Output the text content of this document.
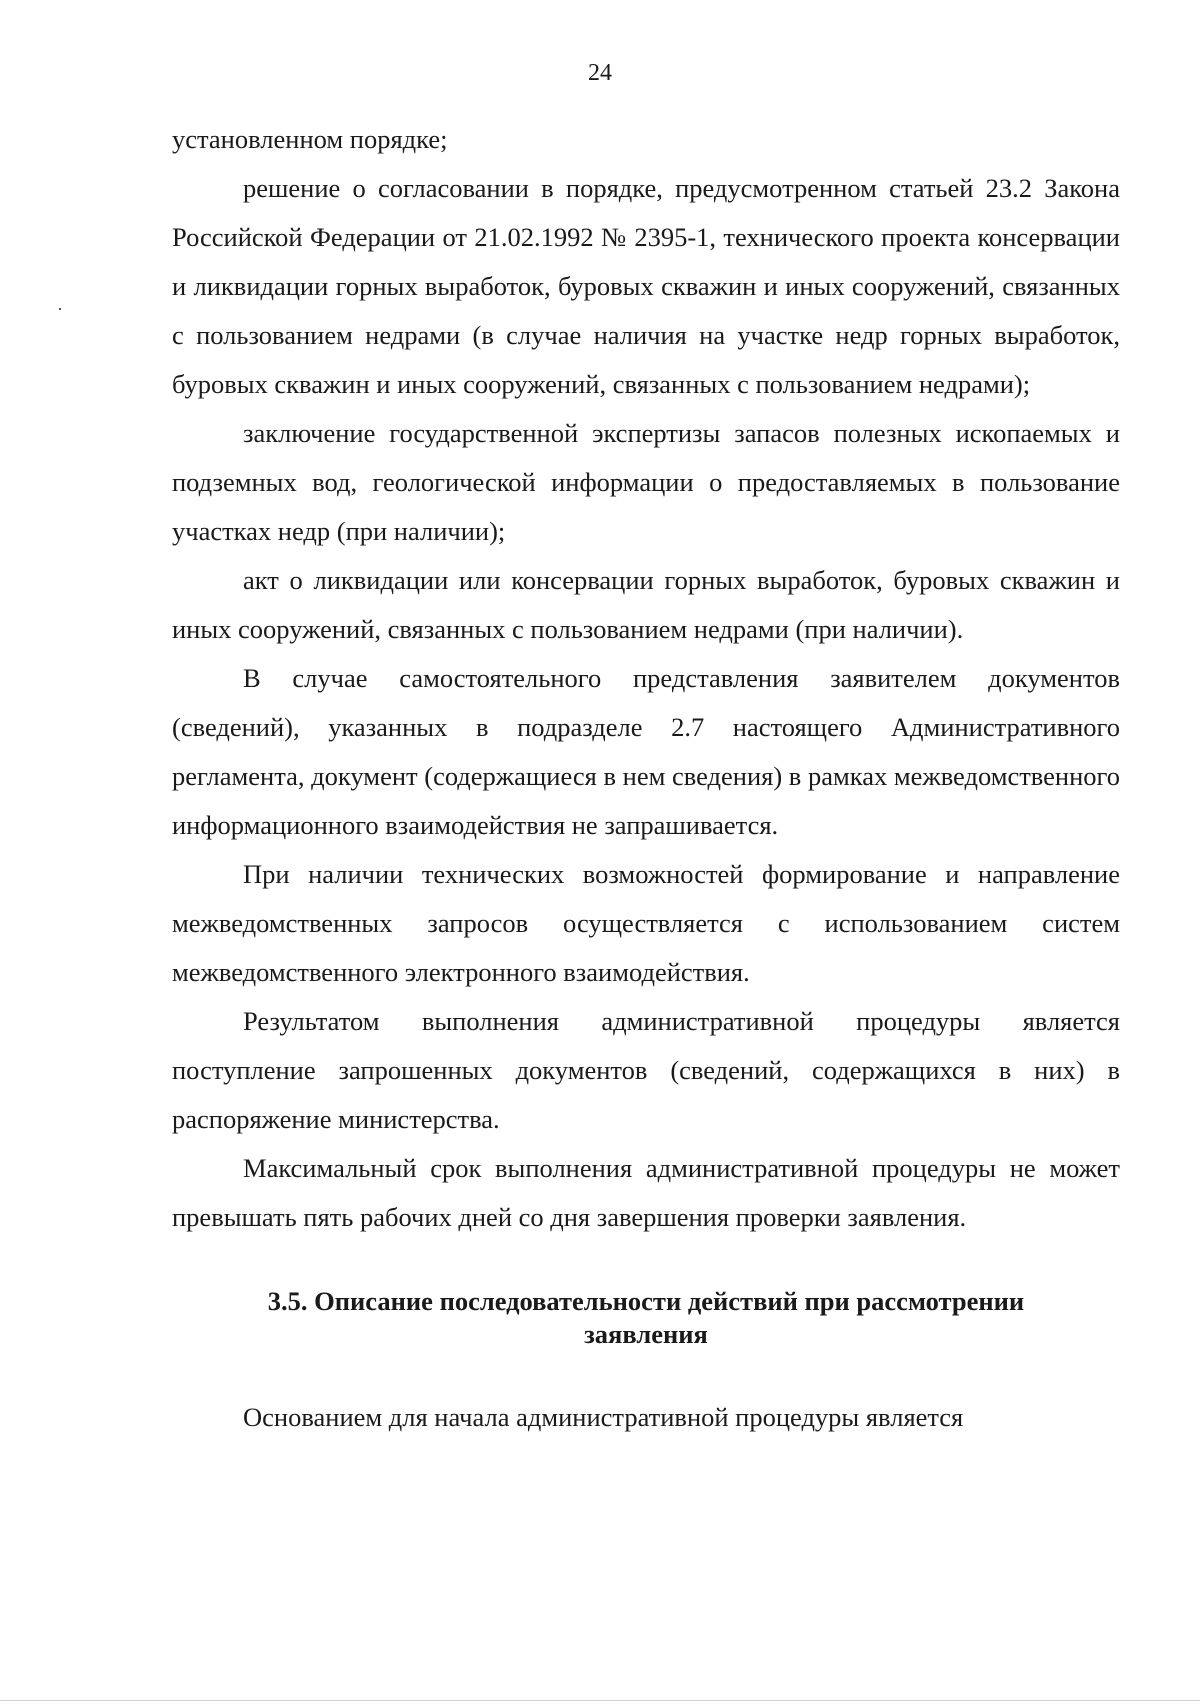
24

установленном порядке;

решение о согласовании в порядке, предусмотренном статьей 23.2 Закона Российской Федерации от 21.02.1992 № 2395-1, технического проекта консервации и ликвидации горных выработок, буровых скважин и иных сооружений, связанных с пользованием недрами (в случае наличия на участке недр горных выработок, буровых скважин и иных сооружений, связанных с пользованием недрами);

заключение государственной экспертизы запасов полезных ископаемых и подземных вод, геологической информации о предоставляемых в пользование участках недр (при наличии);

акт о ликвидации или консервации горных выработок, буровых скважин и иных сооружений, связанных с пользованием недрами (при наличии).

В случае самостоятельного представления заявителем документов (сведений), указанных в подразделе 2.7 настоящего Административного регламента, документ (содержащиеся в нем сведения) в рамках межведомственного информационного взаимодействия не запрашивается.

При наличии технических возможностей формирование и направление межведомственных запросов осуществляется с использованием систем межведомственного электронного взаимодействия.

Результатом выполнения административной процедуры является поступление запрошенных документов (сведений, содержащихся в них) в распоряжение министерства.

Максимальный срок выполнения административной процедуры не может превышать пять рабочих дней со дня завершения проверки заявления.

3.5. Описание последовательности действий при рассмотрении
заявления

Основанием для начала административной процедуры является
